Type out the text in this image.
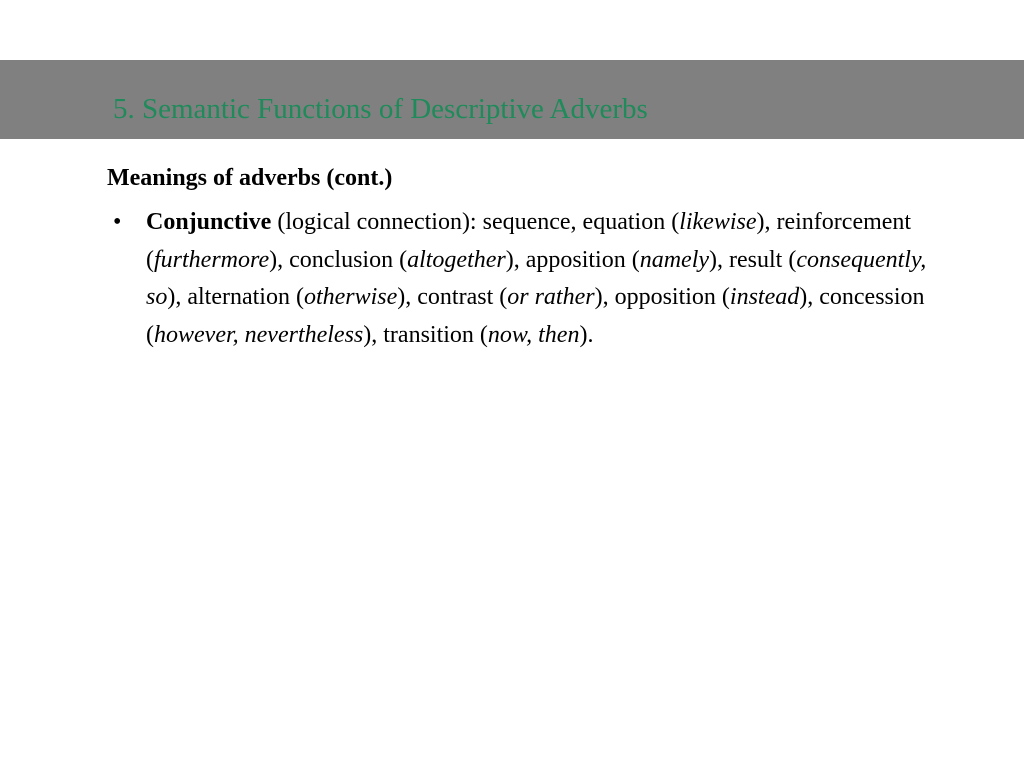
5. Semantic Functions of Descriptive Adverbs
Meanings of adverbs (cont.)
• Conjunctive (logical connection): sequence, equation (likewise), reinforcement (furthermore), conclusion (altogether), apposition (namely), result (consequently, so), alternation (otherwise), contrast (or rather), opposition (instead), concession (however, nevertheless), transition (now, then).
